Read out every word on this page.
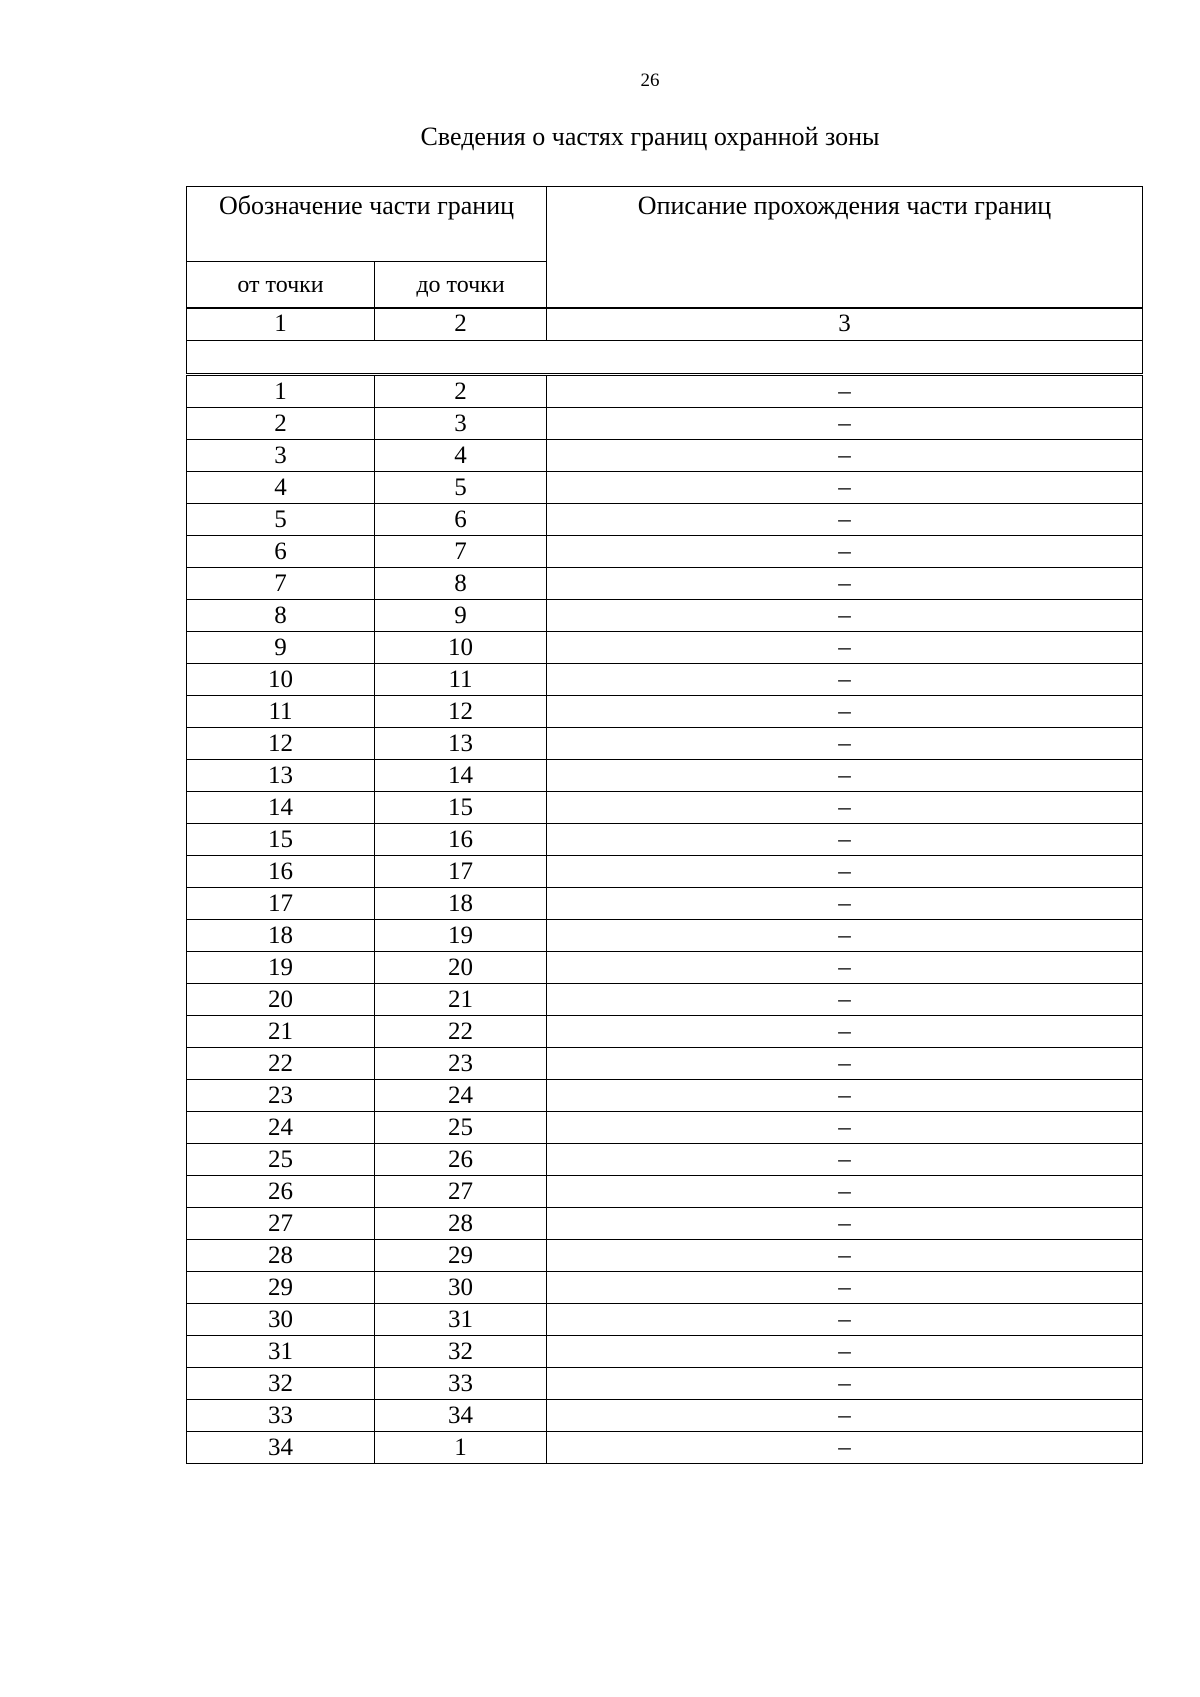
26
Сведения о частях границ охранной зоны
Обозначение части границ		Описание прохождения части границ
от точки	до точки	
1	2	3

1	2	–
2	3	–
3	4	–
4	5	–
5	6	–
6	7	–
7	8	–
8	9	–
9	10	–
10	11	–
11	12	–
12	13	–
13	14	–
14	15	–
15	16	–
16	17	–
17	18	–
18	19	–
19	20	–
20	21	–
21	22	–
22	23	–
23	24	–
24	25	–
25	26	–
26	27	–
27	28	–
28	29	–
29	30	–
30	31	–
31	32	–
32	33	–
33	34	–
34	1	–
